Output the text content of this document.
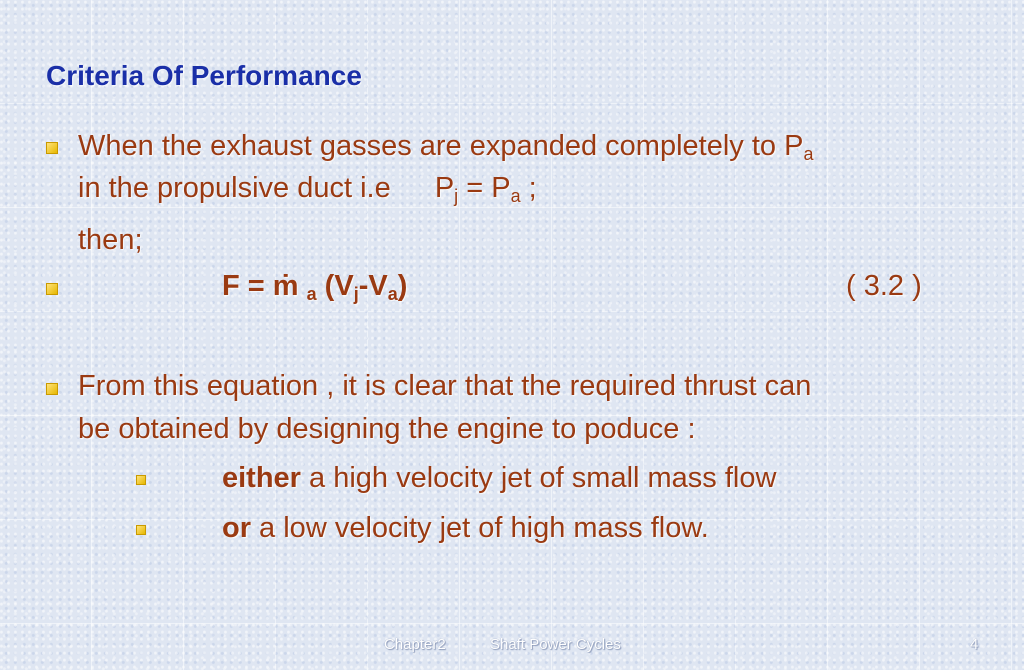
Criteria Of Performance
When the exhaust gasses are expanded completely to $P_a$
in the propulsive duct i.e $P_j = P_a$ ;
then;
F = ṁ $_a$ $(V_j-V_a)$	( 3.2 )
From this equation , it is clear that the required thrust can
be obtained by designing the engine to poduce :
either a high velocity jet of small mass flow
or a low velocity jet of high mass flow.
Chapter2	Shaft Power Cycles	4
